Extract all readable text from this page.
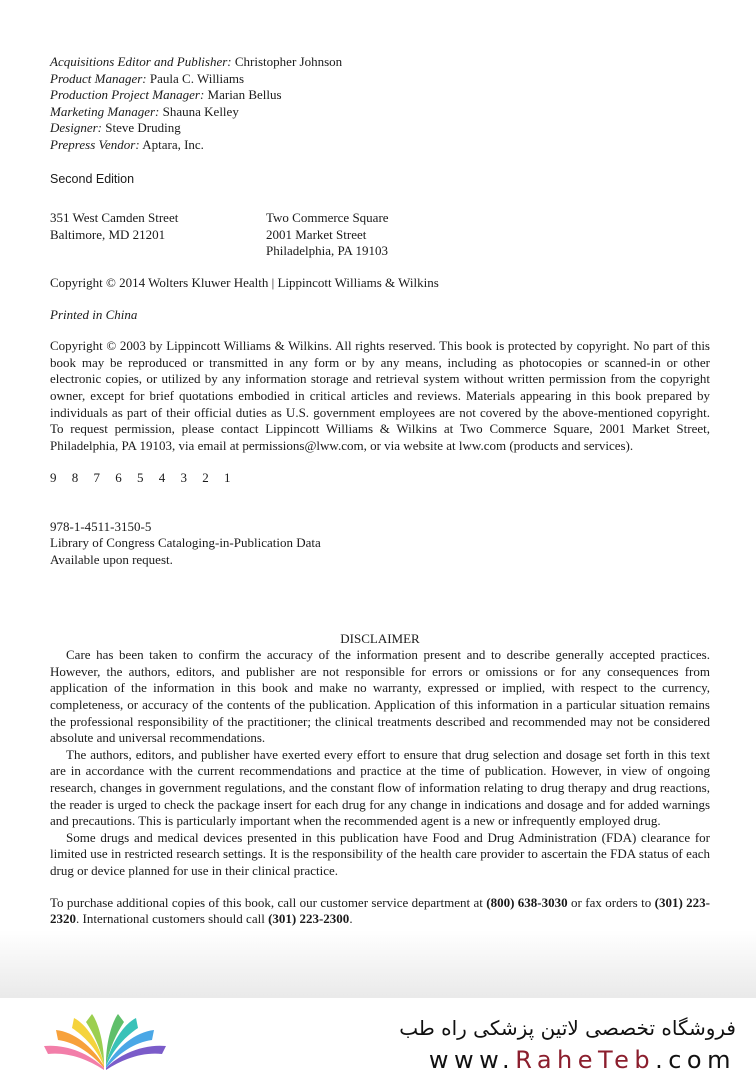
Acquisitions Editor and Publisher: Christopher Johnson
Product Manager: Paula C. Williams
Production Project Manager: Marian Bellus
Marketing Manager: Shauna Kelley
Designer: Steve Druding
Prepress Vendor: Aptara, Inc.
Second Edition
351 West Camden Street
Baltimore, MD 21201
Two Commerce Square
2001 Market Street
Philadelphia, PA 19103
Copyright © 2014 Wolters Kluwer Health | Lippincott Williams & Wilkins
Printed in China

Copyright © 2003 by Lippincott Williams & Wilkins. All rights reserved. This book is protected by copyright. No part of this book may be reproduced or transmitted in any form or by any means, including as photocopies or scanned-in or other electronic copies, or utilized by any information storage and retrieval system without written permission from the copyright owner, except for brief quotations embodied in critical articles and reviews. Materials appearing in this book prepared by individuals as part of their official duties as U.S. government employees are not covered by the above-mentioned copyright. To request permission, please contact Lippincott Williams & Wilkins at Two Commerce Square, 2001 Market Street, Philadelphia, PA 19103, via email at permissions@lww.com, or via website at lww.com (products and services).

9 8 7 6 5 4 3 2 1
978-1-4511-3150-5
Library of Congress Cataloging-in-Publication Data
Available upon request.
DISCLAIMER

Care has been taken to confirm the accuracy of the information present and to describe generally accepted practices. However, the authors, editors, and publisher are not responsible for errors or omissions or for any consequences from application of the information in this book and make no warranty, expressed or implied, with respect to the currency, completeness, or accuracy of the contents of the publication. Application of this information in a particular situation remains the professional responsibility of the practitioner; the clinical treatments described and recommended may not be considered absolute and universal recommendations.

The authors, editors, and publisher have exerted every effort to ensure that drug selection and dosage set forth in this text are in accordance with the current recommendations and practice at the time of publication. However, in view of ongoing research, changes in government regulations, and the constant flow of information relating to drug therapy and drug reactions, the reader is urged to check the package insert for each drug for any change in indications and dosage and for added warnings and precautions. This is particularly important when the recommended agent is a new or infrequently employed drug.

Some drugs and medical devices presented in this publication have Food and Drug Administration (FDA) clearance for limited use in restricted research settings. It is the responsibility of the health care provider to ascertain the FDA status of each drug or device planned for use in their clinical practice.

To purchase additional copies of this book, call our customer service department at (800) 638-3030 or fax orders to (301) 223-2320. International customers should call (301) 223-2300.

فروشگاه تخصصی لاتین پزشکی راه طب
www.RaheTeb.com
